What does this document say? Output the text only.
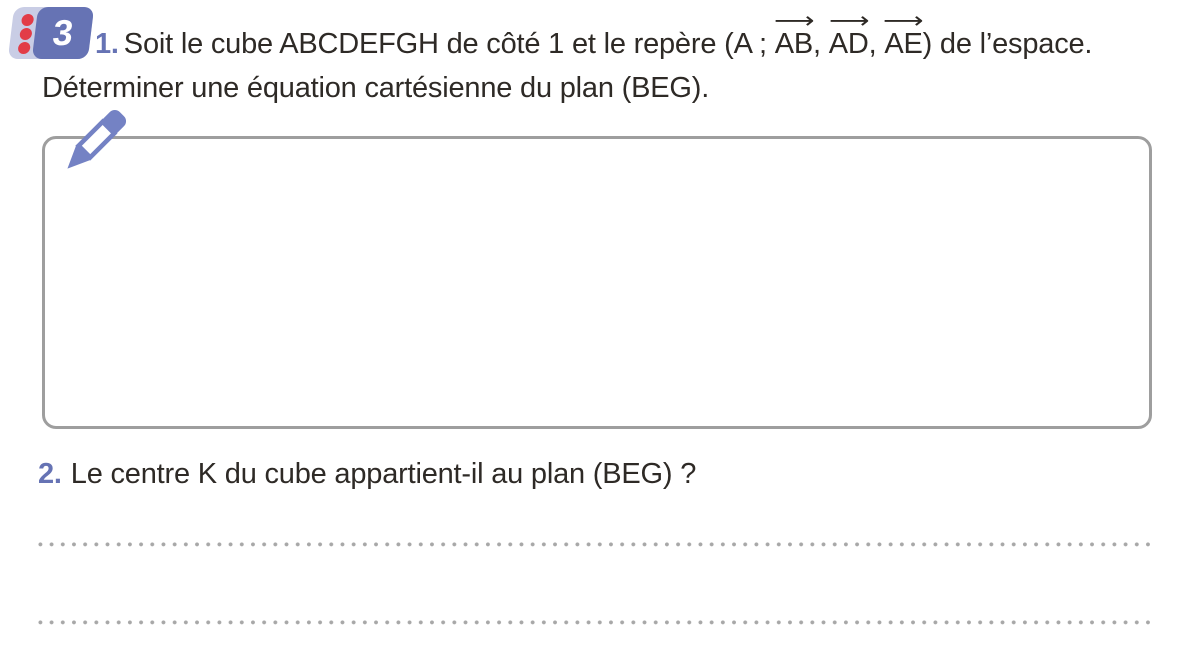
3 1. Soit le cube ABCDEFGH de côté 1 et le repère (A ;
⟶
AB,
⟶
AD,
⟶
AE) de l’espace.
Déterminer une équation cartésienne du plan (BEG).
2. Le centre K du cube appartient-il au plan (BEG) ?
